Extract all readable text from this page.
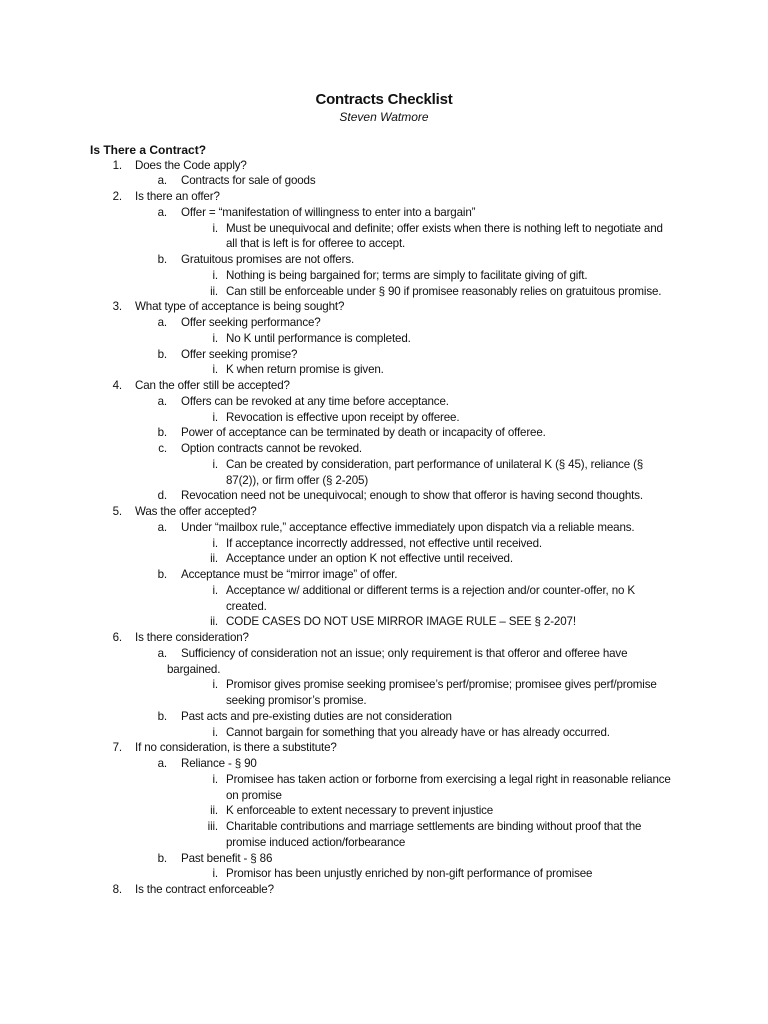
Contracts Checklist
Steven Watmore
Is There a Contract?
1. Does the Code apply?
a. Contracts for sale of goods
2. Is there an offer?
a. Offer = “manifestation of willingness to enter into a bargain”
i. Must be unequivocal and definite; offer exists when there is nothing left to negotiate and
all that is left is for offeree to accept.
b. Gratuitous promises are not offers.
i. Nothing is being bargained for; terms are simply to facilitate giving of gift.
ii. Can still be enforceable under § 90 if promisee reasonably relies on gratuitous promise.
3. What type of acceptance is being sought?
a. Offer seeking performance?
i. No K until performance is completed.
b. Offer seeking promise?
i. K when return promise is given.
4. Can the offer still be accepted?
a. Offers can be revoked at any time before acceptance.
i. Revocation is effective upon receipt by offeree.
b. Power of acceptance can be terminated by death or incapacity of offeree.
c. Option contracts cannot be revoked.
i. Can be created by consideration, part performance of unilateral K (§ 45), reliance (§
87(2)), or firm offer (§ 2-205)
d. Revocation need not be unequivocal; enough to show that offeror is having second thoughts.
5. Was the offer accepted?
a. Under “mailbox rule,” acceptance effective immediately upon dispatch via a reliable means.
i. If acceptance incorrectly addressed, not effective until received.
ii. Acceptance under an option K not effective until received.
b. Acceptance must be “mirror image” of offer.
i. Acceptance w/ additional or different terms is a rejection and/or counter-offer, no K
created.
ii. CODE CASES DO NOT USE MIRROR IMAGE RULE – SEE § 2-207!
6. Is there consideration?
a. Sufficiency of consideration not an issue; only requirement is that offeror and offeree have
bargained.
i. Promisor gives promise seeking promisee’s perf/promise; promisee gives perf/promise
seeking promisor’s promise.
b. Past acts and pre-existing duties are not consideration
i. Cannot bargain for something that you already have or has already occurred.
7. If no consideration, is there a substitute?
a. Reliance - § 90
i. Promisee has taken action or forborne from exercising a legal right in reasonable reliance
on promise
ii. K enforceable to extent necessary to prevent injustice
iii. Charitable contributions and marriage settlements are binding without proof that the
promise induced action/forbearance
b. Past benefit - § 86
i. Promisor has been unjustly enriched by non-gift performance of promisee
8. Is the contract enforceable?
